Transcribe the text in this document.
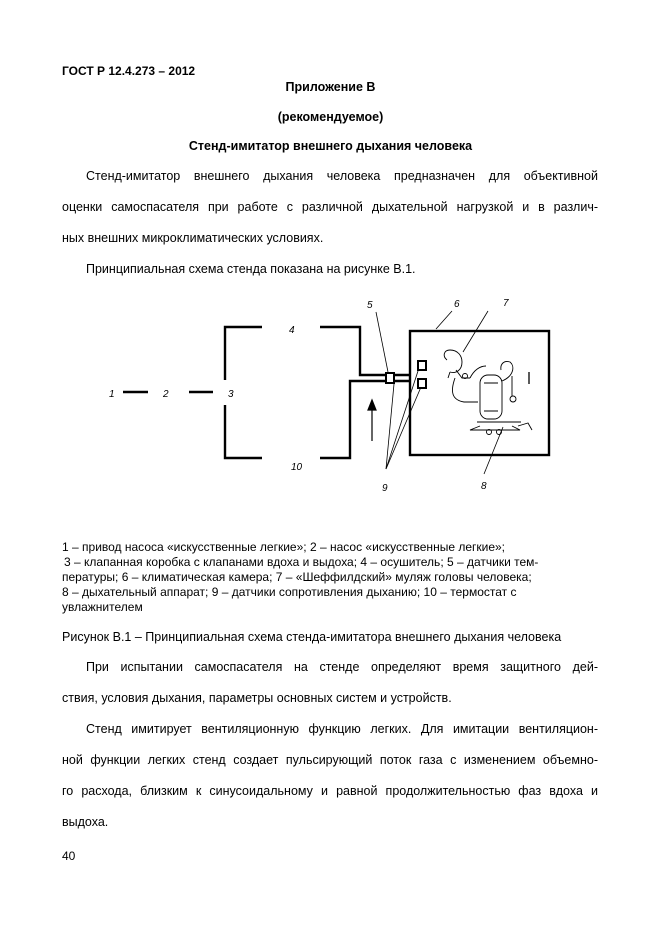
ГОСТ Р 12.4.273 – 2012
Приложение В
(рекомендуемое)
Стенд-имитатор внешнего дыхания человека
Стенд-имитатор внешнего дыхания человека предназначен для объективной
оценки самоспасателя при работе с различной дыхательной нагрузкой и в различ-
ных внешних микроклиматических условиях.
Принципиальная схема стенда показана на рисунке В.1.
1	2	3
4
5	6	7
8
9
10
1 – привод насоса «искусственные легкие»; 2 – насос «искусственные легкие»;
3 – клапанная коробка с клапанами вдоха и выдоха; 4 – осушитель; 5 – датчики тем-
пературы; 6 – климатическая камера; 7 – «Шеффилдский» муляж головы человека;
8 – дыхательный аппарат; 9 – датчики сопротивления дыханию; 10 – термостат с
увлажнителем
Рисунок В.1 – Принципиальная схема стенда-имитатора внешнего дыхания человека
При испытании самоспасателя на стенде определяют время защитного дей-
ствия, условия дыхания, параметры основных систем и устройств.
Стенд имитирует вентиляционную функцию легких. Для имитации вентиляцион-
ной функции легких стенд создает пульсирующий поток газа с изменением объемно-
го расхода, близким к синусоидальному и равной продолжительностью фаз вдоха и
выдоха.
40
